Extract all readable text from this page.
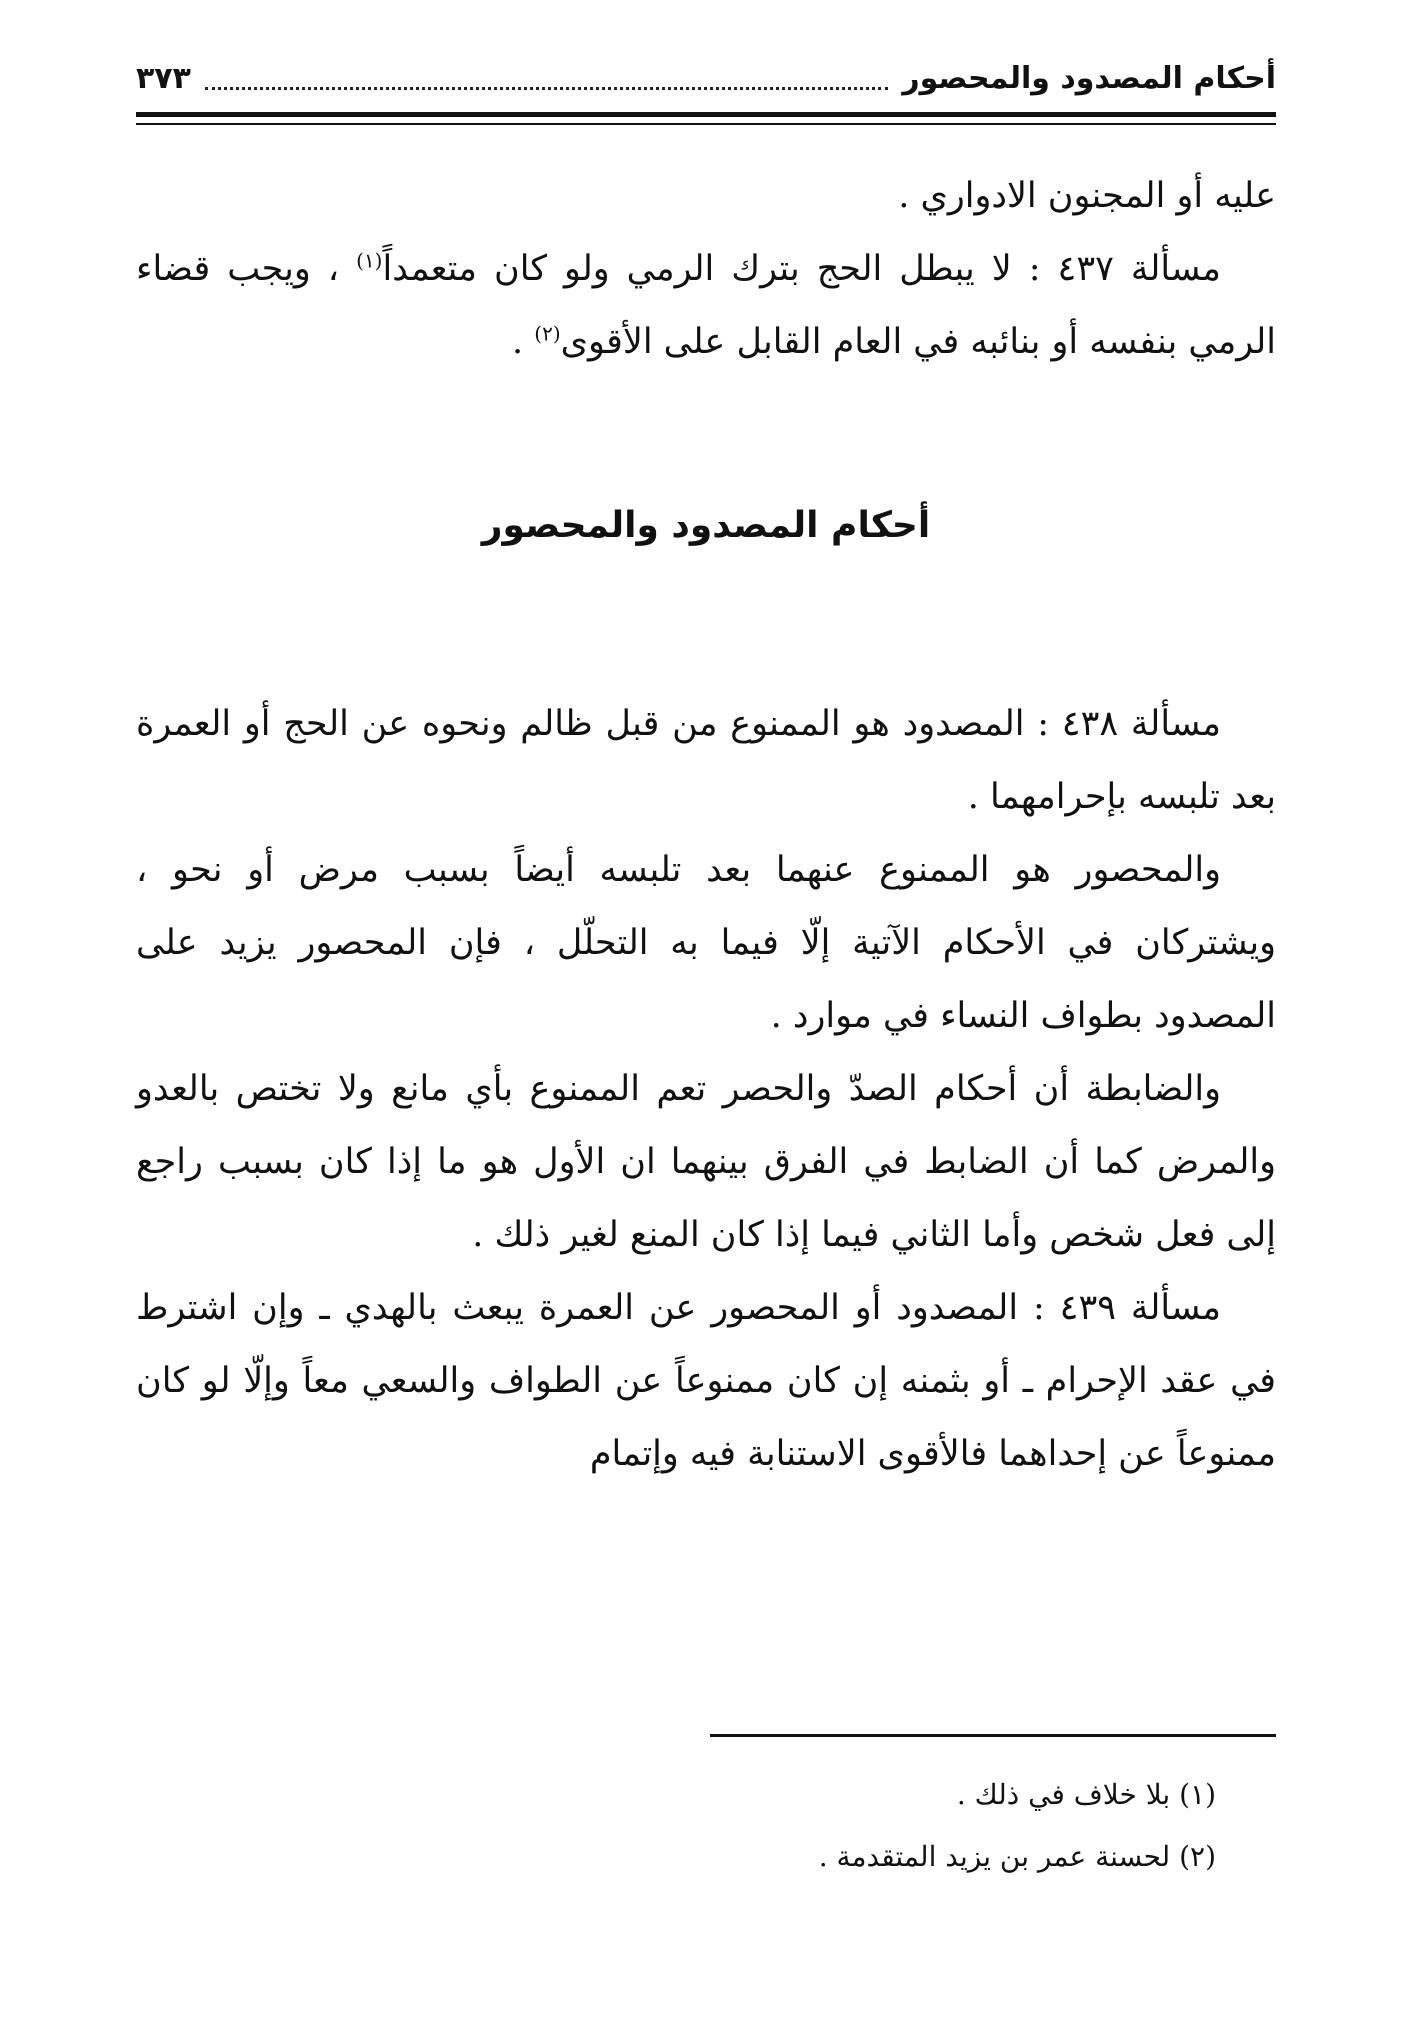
أحكام المصدود والمحصور
٣٧٣

عليه أو المجنون الادواري .

مسألة ٤٣٧ : لا يبطل الحج بترك الرمي ولو كان متعمداً$^{(١)}$ ، ويجب قضاء الرمي بنفسه أو بنائبه في العام القابل على الأقوى$^{(٢)}$ .

أحكام المصدود والمحصور

مسألة ٤٣٨ : المصدود هو الممنوع من قبل ظالم ونحوه عن الحج أو العمرة بعد تلبسه بإحرامهما .

والمحصور هو الممنوع عنهما بعد تلبسه أيضاً بسبب مرض أو نحو ، ويشتركان في الأحكام الآتية إلّا فيما به التحلّل ، فإن المحصور يزيد على المصدود بطواف النساء في موارد .

والضابطة أن أحكام الصدّ والحصر تعم الممنوع بأي مانع ولا تختص بالعدو والمرض كما أن الضابط في الفرق بينهما ان الأول هو ما إذا كان بسبب راجع إلى فعل شخص وأما الثاني فيما إذا كان المنع لغير ذلك .

مسألة ٤٣٩ : المصدود أو المحصور عن العمرة يبعث بالهدي ـ وإن اشترط في عقد الإحرام ـ أو بثمنه إن كان ممنوعاً عن الطواف والسعي معاً وإلّا لو كان ممنوعاً عن إحداهما فالأقوى الاستنابة فيه وإتمام

(١) بلا خلاف في ذلك .

(٢) لحسنة عمر بن يزيد المتقدمة .
